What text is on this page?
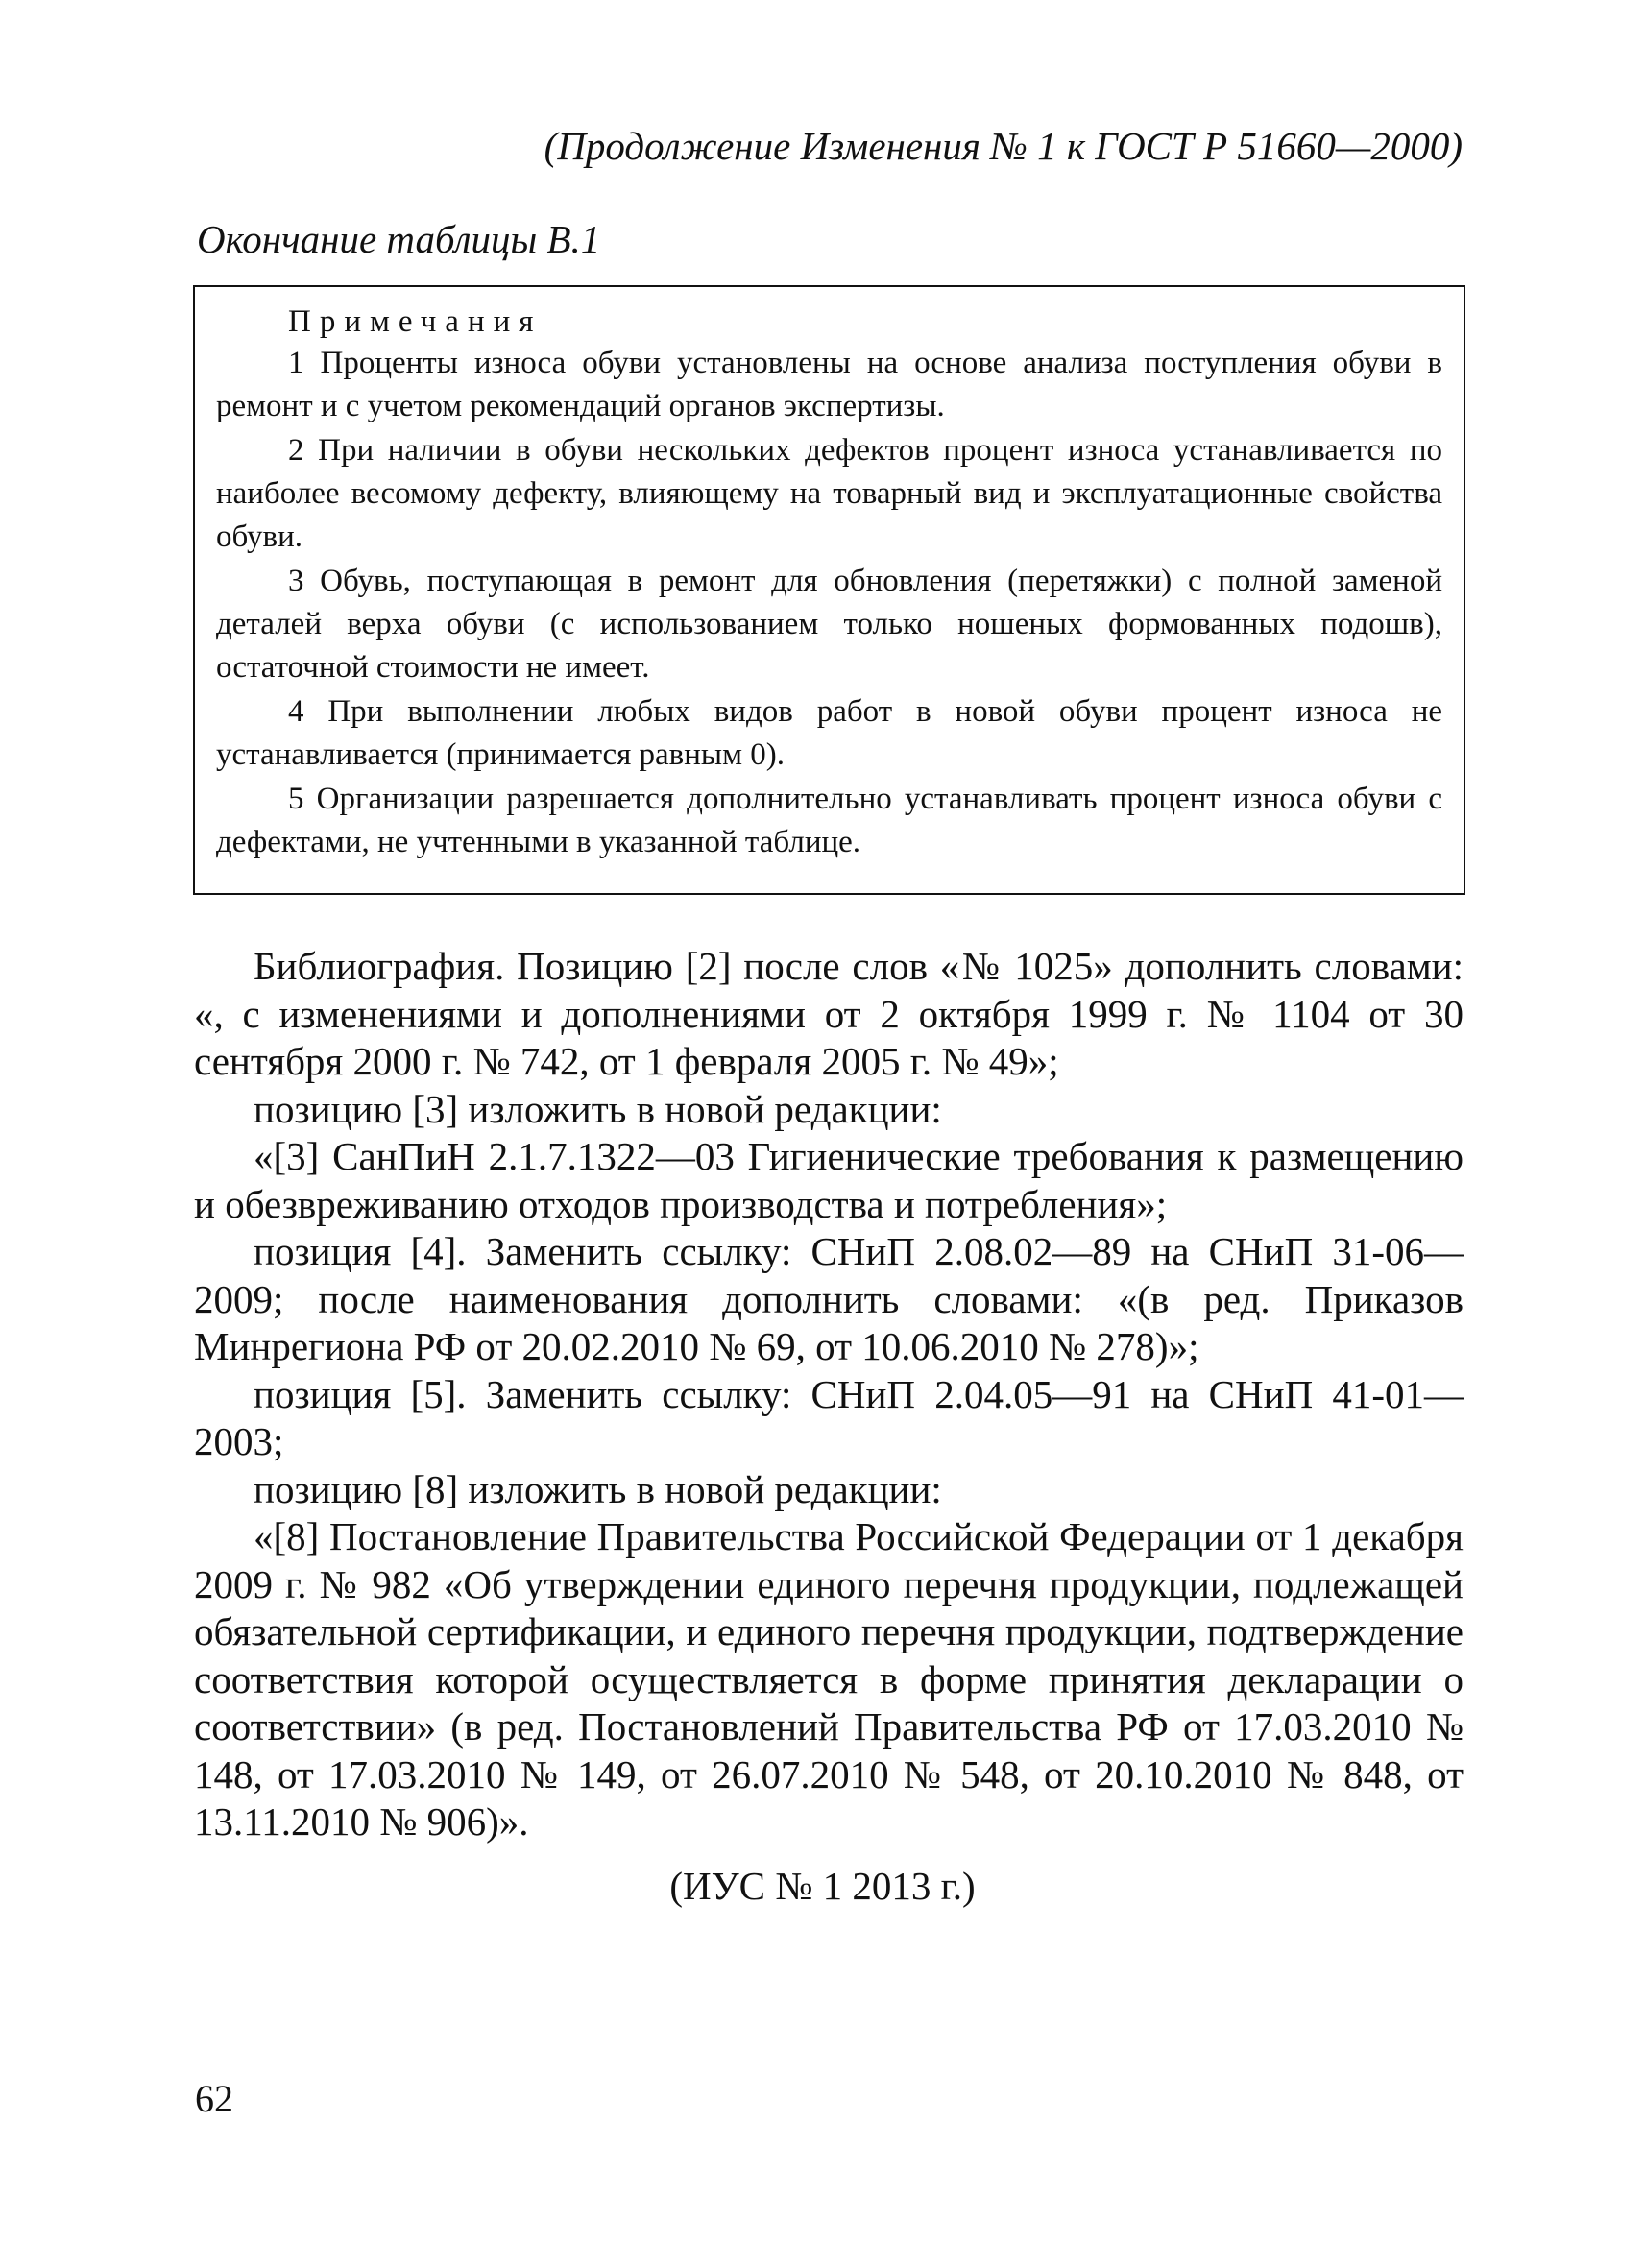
(Продолжение Изменения № 1 к ГОСТ Р 51660—2000)
Окончание таблицы В.1
Примечания

1 Проценты износа обуви установлены на основе анализа поступления обуви в ремонт и с учетом рекомендаций органов экспертизы.

2 При наличии в обуви нескольких дефектов процент износа устанавливается по наиболее весомому дефекту, влияющему на товарный вид и эксплуатационные свойства обуви.

3 Обувь, поступающая в ремонт для обновления (перетяжки) с полной заменой деталей верха обуви (с использованием только ношеных формованных подошв), остаточной стоимости не имеет.

4 При выполнении любых видов работ в новой обуви процент износа не устанавливается (принимается равным 0).

5 Организации разрешается дополнительно устанавливать процент износа обуви с дефектами, не учтенными в указанной таблице.

Библиография. Позицию [2] после слов «№ 1025» дополнить словами: «, с изменениями и дополнениями от 2 октября 1999 г. № 1104 от 30 сентября 2000 г. № 742, от 1 февраля 2005 г. № 49»;

позицию [3] изложить в новой редакции:

«[3] СанПиН 2.1.7.1322—03 Гигиенические требования к размещению и обезвреживанию отходов производства и потребления»;

позиция [4]. Заменить ссылку: СНиП 2.08.02—89 на СНиП 31-06—2009; после наименования дополнить словами: «(в ред. Приказов Минрегиона РФ от 20.02.2010 № 69, от 10.06.2010 № 278)»;

позиция [5]. Заменить ссылку: СНиП 2.04.05—91 на СНиП 41-01—2003;

позицию [8] изложить в новой редакции:

«[8] Постановление Правительства Российской Федерации от 1 декабря 2009 г. № 982 «Об утверждении единого перечня продукции, подлежащей обязательной сертификации, и единого перечня продукции, подтверждение соответствия которой осуществляется в форме принятия декларации о соответствии» (в ред. Постановлений Правительства РФ от 17.03.2010 № 148, от 17.03.2010 № 149, от 26.07.2010 № 548, от 20.10.2010 № 848, от 13.11.2010 № 906)».

(ИУС № 1 2013 г.)
62
